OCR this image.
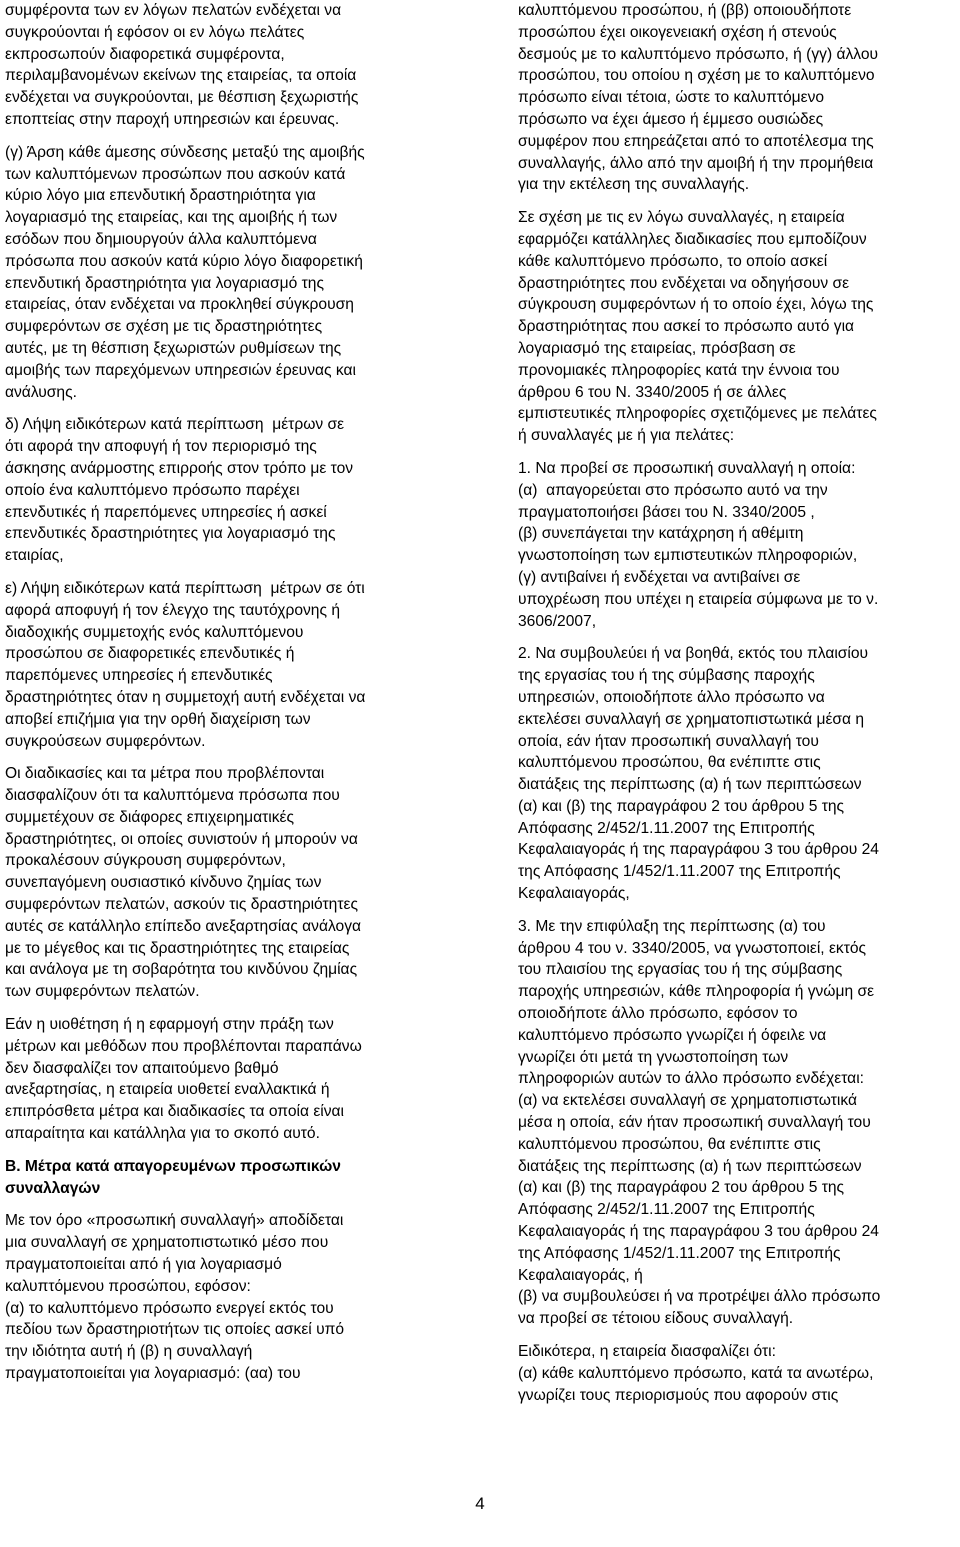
συμφέροντα των εν λόγων πελατών ενδέχεται να
συγκρούονται ή εφόσον οι εν λόγω πελάτες
εκπροσωπούν διαφορετικά συμφέροντα,
περιλαμβανομένων εκείνων της εταιρείας, τα οποία
ενδέχεται να συγκρούονται, με θέσπιση ξεχωριστής
εποπτείας στην παροχή υπηρεσιών και έρευνας.
(γ) Άρση κάθε άμεσης σύνδεσης μεταξύ της αμοιβής
των καλυπτόμενων προσώπων που ασκούν κατά
κύριο λόγο μια επενδυτική δραστηριότητα για
λογαριασμό της εταιρείας, και της αμοιβής ή των
εσόδων που δημιουργούν άλλα καλυπτόμενα
πρόσωπα που ασκούν κατά κύριο λόγο διαφορετική
επενδυτική δραστηριότητα για λογαριασμό της
εταιρείας, όταν ενδέχεται να προκληθεί σύγκρουση
συμφερόντων σε σχέση με τις δραστηριότητες
αυτές, με τη θέσπιση ξεχωριστών ρυθμίσεων της
αμοιβής των παρεχόμενων υπηρεσιών έρευνας και
ανάλυσης.
δ) Λήψη ειδικότερων κατά περίπτωση  μέτρων σε
ότι αφορά την αποφυγή ή τον περιορισμό της
άσκησης ανάρμοστης επιρροής στον τρόπο με τον
οποίο ένα καλυπτόμενο πρόσωπο παρέχει
επενδυτικές ή παρεπόμενες υπηρεσίες ή ασκεί
επενδυτικές δραστηριότητες για λογαριασμό της
εταιρίας,
ε) Λήψη ειδικότερων κατά περίπτωση  μέτρων σε ότι
αφορά αποφυγή ή τον έλεγχο της ταυτόχρονης ή
διαδοχικής συμμετοχής ενός καλυπτόμενου
προσώπου σε διαφορετικές επενδυτικές ή
παρεπόμενες υπηρεσίες ή επενδυτικές
δραστηριότητες όταν η συμμετοχή αυτή ενδέχεται να
αποβεί επιζήμια για την ορθή διαχείριση των
συγκρούσεων συμφερόντων.
Οι διαδικασίες και τα μέτρα που προβλέπονται
διασφαλίζουν ότι τα καλυπτόμενα πρόσωπα που
συμμετέχουν σε διάφορες επιχειρηματικές
δραστηριότητες, οι οποίες συνιστούν ή μπορούν να
προκαλέσουν σύγκρουση συμφερόντων,
συνεπαγόμενη ουσιαστικό κίνδυνο ζημίας των
συμφερόντων πελατών, ασκούν τις δραστηριότητες
αυτές σε κατάλληλο επίπεδο ανεξαρτησίας ανάλογα
με το μέγεθος και τις δραστηριότητες της εταιρείας
και ανάλογα με τη σοβαρότητα του κινδύνου ζημίας
των συμφερόντων πελατών.
Εάν η υιοθέτηση ή η εφαρμογή στην πράξη των
μέτρων και μεθόδων που προβλέπονται παραπάνω
δεν διασφαλίζει τον απαιτούμενο βαθμό
ανεξαρτησίας, η εταιρεία υιοθετεί εναλλακτικά ή
επιπρόσθετα μέτρα και διαδικασίες τα οποία είναι
απαραίτητα και κατάλληλα για το σκοπό αυτό.
Β. Μέτρα κατά απαγορευμένων προσωπικών
συναλλαγών
Με τον όρο «προσωπική συναλλαγή» αποδίδεται
μια συναλλαγή σε χρηματοπιστωτικό μέσο που
πραγματοποιείται από ή για λογαριασμό
καλυπτόμενου προσώπου, εφόσον:
(α) το καλυπτόμενο πρόσωπο ενεργεί εκτός του
πεδίου των δραστηριοτήτων τις οποίες ασκεί υπό
την ιδιότητα αυτή ή (β) η συναλλαγή
πραγματοποιείται για λογαριασμό: (αα) του
καλυπτόμενου προσώπου, ή (ββ) οποιουδήποτε
προσώπου έχει οικογενειακή σχέση ή στενούς
δεσμούς με το καλυπτόμενο πρόσωπο, ή (γγ) άλλου
προσώπου, του οποίου η σχέση με το καλυπτόμενο
πρόσωπο είναι τέτοια, ώστε το καλυπτόμενο
πρόσωπο να έχει άμεσο ή έμμεσο ουσιώδες
συμφέρον που επηρεάζεται από το αποτέλεσμα της
συναλλαγής, άλλο από την αμοιβή ή την προμήθεια
για την εκτέλεση της συναλλαγής.
Σε σχέση με τις εν λόγω συναλλαγές, η εταιρεία
εφαρμόζει κατάλληλες διαδικασίες που εμποδίζουν
κάθε καλυπτόμενο πρόσωπο, το οποίο ασκεί
δραστηριότητες που ενδέχεται να οδηγήσουν σε
σύγκρουση συμφερόντων ή το οποίο έχει, λόγω της
δραστηριότητας που ασκεί το πρόσωπο αυτό για
λογαριασμό της εταιρείας, πρόσβαση σε
προνομιακές πληροφορίες κατά την έννοια του
άρθρου 6 του Ν. 3340/2005 ή σε άλλες
εμπιστευτικές πληροφορίες σχετιζόμενες με πελάτες
ή συναλλαγές με ή για πελάτες:
1. Να προβεί σε προσωπική συναλλαγή η οποία:
(α)  απαγορεύεται στο πρόσωπο αυτό να την
πραγματοποιήσει βάσει του Ν. 3340/2005 ,
(β) συνεπάγεται την κατάχρηση ή αθέμιτη
γνωστοποίηση των εμπιστευτικών πληροφοριών,
(γ) αντιβαίνει ή ενδέχεται να αντιβαίνει σε
υποχρέωση που υπέχει η εταιρεία σύμφωνα με το ν.
3606/2007,
2. Να συμβουλεύει ή να βοηθά, εκτός του πλαισίου
της εργασίας του ή της σύμβασης παροχής
υπηρεσιών, οποιοδήποτε άλλο πρόσωπο να
εκτελέσει συναλλαγή σε χρηματοπιστωτικά μέσα η
οποία, εάν ήταν προσωπική συναλλαγή του
καλυπτόμενου προσώπου, θα ενέπιπτε στις
διατάξεις της περίπτωσης (α) ή των περιπτώσεων
(α) και (β) της παραγράφου 2 του άρθρου 5 της
Απόφασης 2/452/1.11.2007 της Επιτροπής
Κεφαλαιαγοράς ή της παραγράφου 3 του άρθρου 24
της Απόφασης 1/452/1.11.2007 της Επιτροπής
Κεφαλαιαγοράς,
3. Με την επιφύλαξη της περίπτωσης (α) του
άρθρου 4 του ν. 3340/2005, να γνωστοποιεί, εκτός
του πλαισίου της εργασίας του ή της σύμβασης
παροχής υπηρεσιών, κάθε πληροφορία ή γνώμη σε
οποιοδήποτε άλλο πρόσωπο, εφόσον το
καλυπτόμενο πρόσωπο γνωρίζει ή όφειλε να
γνωρίζει ότι μετά τη γνωστοποίηση των
πληροφοριών αυτών το άλλο πρόσωπο ενδέχεται:
(α) να εκτελέσει συναλλαγή σε χρηματοπιστωτικά
μέσα η οποία, εάν ήταν προσωπική συναλλαγή του
καλυπτόμενου προσώπου, θα ενέπιπτε στις
διατάξεις της περίπτωσης (α) ή των περιπτώσεων
(α) και (β) της παραγράφου 2 του άρθρου 5 της
Απόφασης 2/452/1.11.2007 της Επιτροπής
Κεφαλαιαγοράς ή της παραγράφου 3 του άρθρου 24
της Απόφασης 1/452/1.11.2007 της Επιτροπής
Κεφαλαιαγοράς, ή
(β) να συμβουλεύσει ή να προτρέψει άλλο πρόσωπο
να προβεί σε τέτοιου είδους συναλλαγή.
Ειδικότερα, η εταιρεία διασφαλίζει ότι:
(α) κάθε καλυπτόμενο πρόσωπο, κατά τα ανωτέρω,
γνωρίζει τους περιορισμούς που αφορούν στις
4
